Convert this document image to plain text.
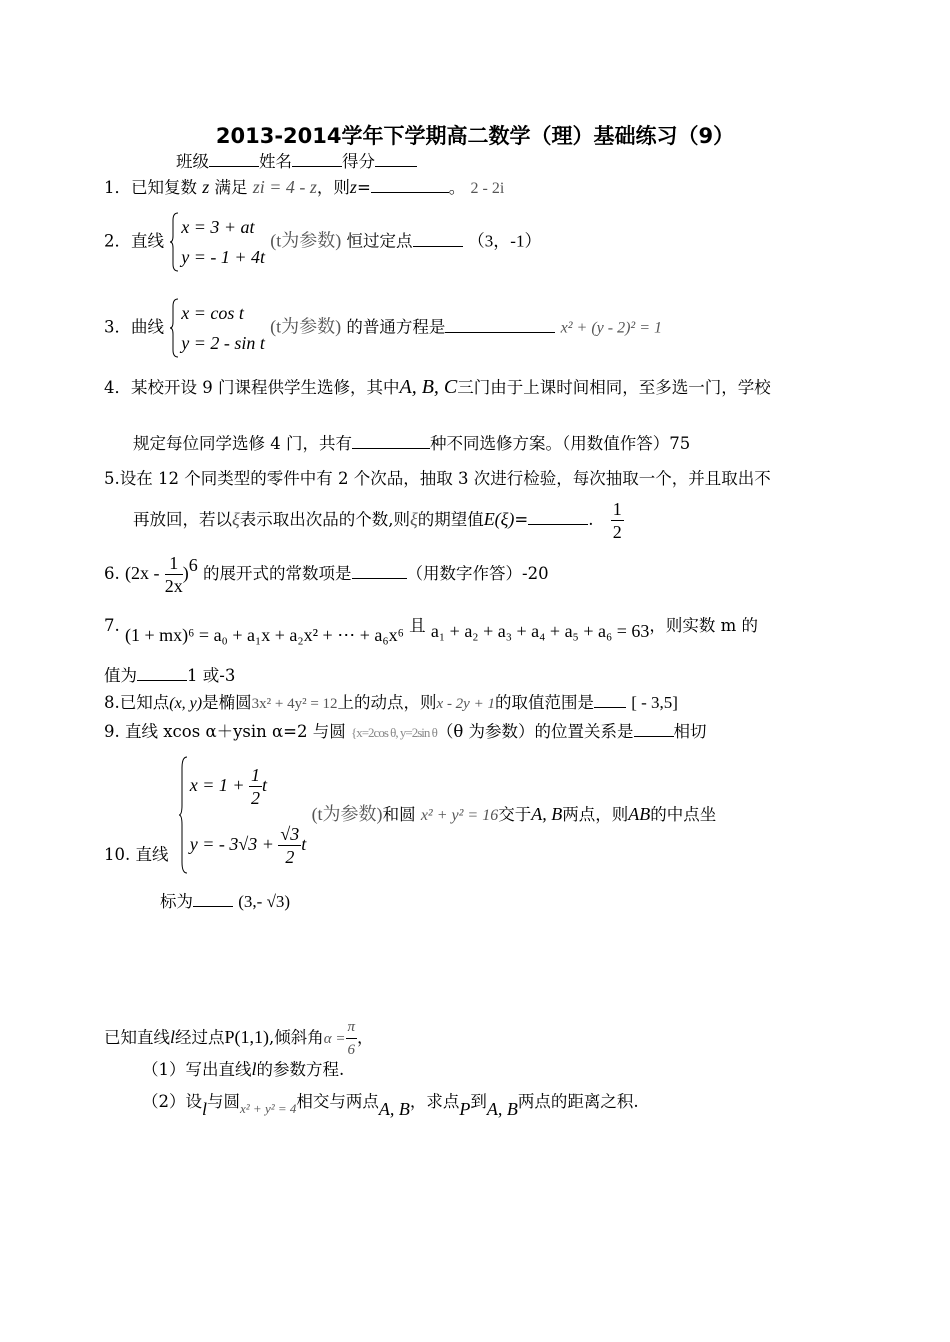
2013-2014学年下学期高二数学（理）基础练习（9）
班级	姓名	得分
1．已知复数 z 满足 zi = 4 - z，则z=	。 2 - 2i
2．直线
x = 3 + at
y = - 1 + 4t
(t为参数) 恒过定点	（3，-1）
3．曲线
x = cos t
y = 2 - sin t
(t为参数) 的普通方程是	x² + (y - 2)² = 1
4．某校开设 9 门课程供学生选修，其中A, B, C三门由于上课时间相同，至多选一门，学校
规定每位同学选修 4 门，共有	种不同选修方案。（用数值作答）75
5.设在 12 个同类型的零件中有 2 个次品，抽取 3 次进行检验，每次抽取一个，并且取出不
再放回，若以ξ表示取出次品的个数,则ξ的期望值E(ξ)=	. $\frac{1}{2}$
6. $(2x - \frac{1}{2x} )^6$ 的展开式的常数项是	（用数字作答）-20
7. (1 + mx)⁶ = a₀ + a₁x + a₂x² + ⋯ + a₆x⁶ 且 a₁ + a₂ + a₃ + a₄ + a₅ + a₆ = 63，则实数 m 的
值为	1 或-3
8.已知点(x, y)是椭圆3x² + 4y² = 12上的动点，则x - 2y + 1的取值范围是 [ - 3,5]
9. 直线 xcos α＋ysin α=2 与圆 {x=2cos θ, y=2sin θ（θ 为参数）的位置关系是 相切
10. 直线
$x = 1 + \frac{1}{2}$ t
y = - $3√3 + \frac{√3}{2}$ t
(t为参数)和圆 x² + y² = 16交于A, B两点，则AB的中点坐
标为	(3,- √3)
已知直线l经过点P(1,1),倾斜角$\alpha = \frac{\pi}{6}$ ，
（1）写出直线l的参数方程.
（2）设l与圆$_{x^2 + y^2 = 4}$相交与两点A, B，求点P到A, B两点的距离之积.
